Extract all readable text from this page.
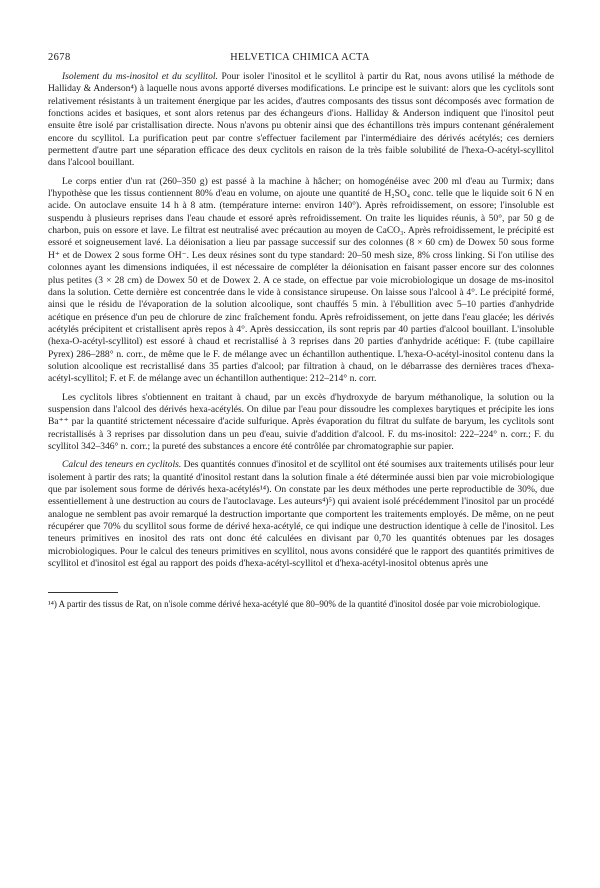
2678	HELVETICA CHIMICA ACTA

Isolement du ms-inositol et du scyllitol. Pour isoler l'inositol et le scyllitol à partir du Rat, nous avons utilisé la méthode de Halliday & Anderson⁴) à laquelle nous avons apporté diverses modifications. Le principe est le suivant: alors que les cyclitols sont relativement résistants à un traitement énergique par les acides, d'autres composants des tissus sont décomposés avec formation de fonctions acides et basiques, et sont alors retenus par des échangeurs d'ions. Halliday & Anderson indiquent que l'inositol peut ensuite être isolé par cristallisation directe. Nous n'avons pu obtenir ainsi que des échantillons très impurs contenant généralement encore du scyllitol. La purification peut par contre s'effectuer facilement par l'intermédiaire des dérivés acétylés; ces derniers permettent d'autre part une séparation efficace des deux cyclitols en raison de la très faible solubilité de l'hexa-O-acétyl-scyllitol dans l'alcool bouillant.

Le corps entier d'un rat (260–350 g) est passé à la machine à hâcher; on homogénéise avec 200 ml d'eau au Turmix; dans l'hypothèse que les tissus contiennent 80% d'eau en volume, on ajoute une quantité de H₂SO₄ conc. telle que le liquide soit 6 N en acide. On autoclave ensuite 14 h à 8 atm. (température interne: environ 140°). Après refroidissement, on essore; l'insoluble est suspendu à plusieurs reprises dans l'eau chaude et essoré après refroidissement. On traite les liquides réunis, à 50°, par 50 g de charbon, puis on essore et lave. Le filtrat est neutralisé avec précaution au moyen de CaCO₃. Après refroidissement, le précipité est essoré et soigneusement lavé. La déionisation a lieu par passage successif sur des colonnes (8 × 60 cm) de Dowex 50 sous forme H⁺ et de Dowex 2 sous forme OH⁻. Les deux résines sont du type standard: 20–50 mesh size, 8% cross linking. Si l'on utilise des colonnes ayant les dimensions indiquées, il est nécessaire de compléter la déionisation en faisant passer encore sur des colonnes plus petites (3 × 28 cm) de Dowex 50 et de Dowex 2. A ce stade, on effectue par voie microbiologique un dosage de ms-inositol dans la solution. Cette dernière est concentrée dans le vide à consistance sirupeuse. On laisse sous l'alcool à 4°. Le précipité formé, ainsi que le résidu de l'évaporation de la solution alcoolique, sont chauffés 5 min. à l'ébullition avec 5–10 parties d'anhydride acétique en présence d'un peu de chlorure de zinc fraîchement fondu. Après refroidissement, on jette dans l'eau glacée; les dérivés acétylés précipitent et cristallisent après repos à 4°. Après dessiccation, ils sont repris par 40 parties d'alcool bouillant. L'insoluble (hexa-O-acétyl-scyllitol) est essoré à chaud et recristallisé à 3 reprises dans 20 parties d'anhydride acétique: F. (tube capillaire Pyrex) 286–288° n. corr., de même que le F. de mélange avec un échantillon authentique. L'hexa-O-acétyl-inositol contenu dans la solution alcoolique est recristallisé dans 35 parties d'alcool; par filtration à chaud, on le débarrasse des dernières traces d'hexa-acétyl-scyllitol; F. et F. de mélange avec un échantillon authentique: 212–214° n. corr.

Les cyclitols libres s'obtiennent en traitant à chaud, par un excès d'hydroxyde de baryum méthanolique, la solution ou la suspension dans l'alcool des dérivés hexa-acétylés. On dilue par l'eau pour dissoudre les complexes barytiques et précipite les ions Ba⁺⁺ par la quantité strictement nécessaire d'acide sulfurique. Après évaporation du filtrat du sulfate de baryum, les cyclitols sont recristallisés à 3 reprises par dissolution dans un peu d'eau, suivie d'addition d'alcool. F. du ms-inositol: 222–224° n. corr.; F. du scyllitol 342–346° n. corr.; la pureté des substances a encore été contrôlée par chromatographie sur papier.

Calcul des teneurs en cyclitols. Des quantités connues d'inositol et de scyllitol ont été soumises aux traitements utilisés pour leur isolement à partir des rats; la quantité d'inositol restant dans la solution finale a été déterminée aussi bien par voie microbiologique que par isolement sous forme de dérivés hexa-acétylés¹⁴). On constate par les deux méthodes une perte reproductible de 30%, due essentiellement à une destruction au cours de l'autoclavage. Les auteurs⁴)⁵) qui avaient isolé précédemment l'inositol par un procédé analogue ne semblent pas avoir remarqué la destruction importante que comportent les traitements employés. De même, on ne peut récupérer que 70% du scyllitol sous forme de dérivé hexa-acétylé, ce qui indique une destruction identique à celle de l'inositol. Les teneurs primitives en inositol des rats ont donc été calculées en divisant par 0,70 les quantités obtenues par les dosages microbiologiques. Pour le calcul des teneurs primitives en scyllitol, nous avons considéré que le rapport des quantités primitives de scyllitol et d'inositol est égal au rapport des poids d'hexa-acétyl-scyllitol et d'hexa-acétyl-inositol obtenus après une

¹⁴) A partir des tissus de Rat, on n'isole comme dérivé hexa-acétylé que 80–90% de la quantité d'inositol dosée par voie microbiologique.
